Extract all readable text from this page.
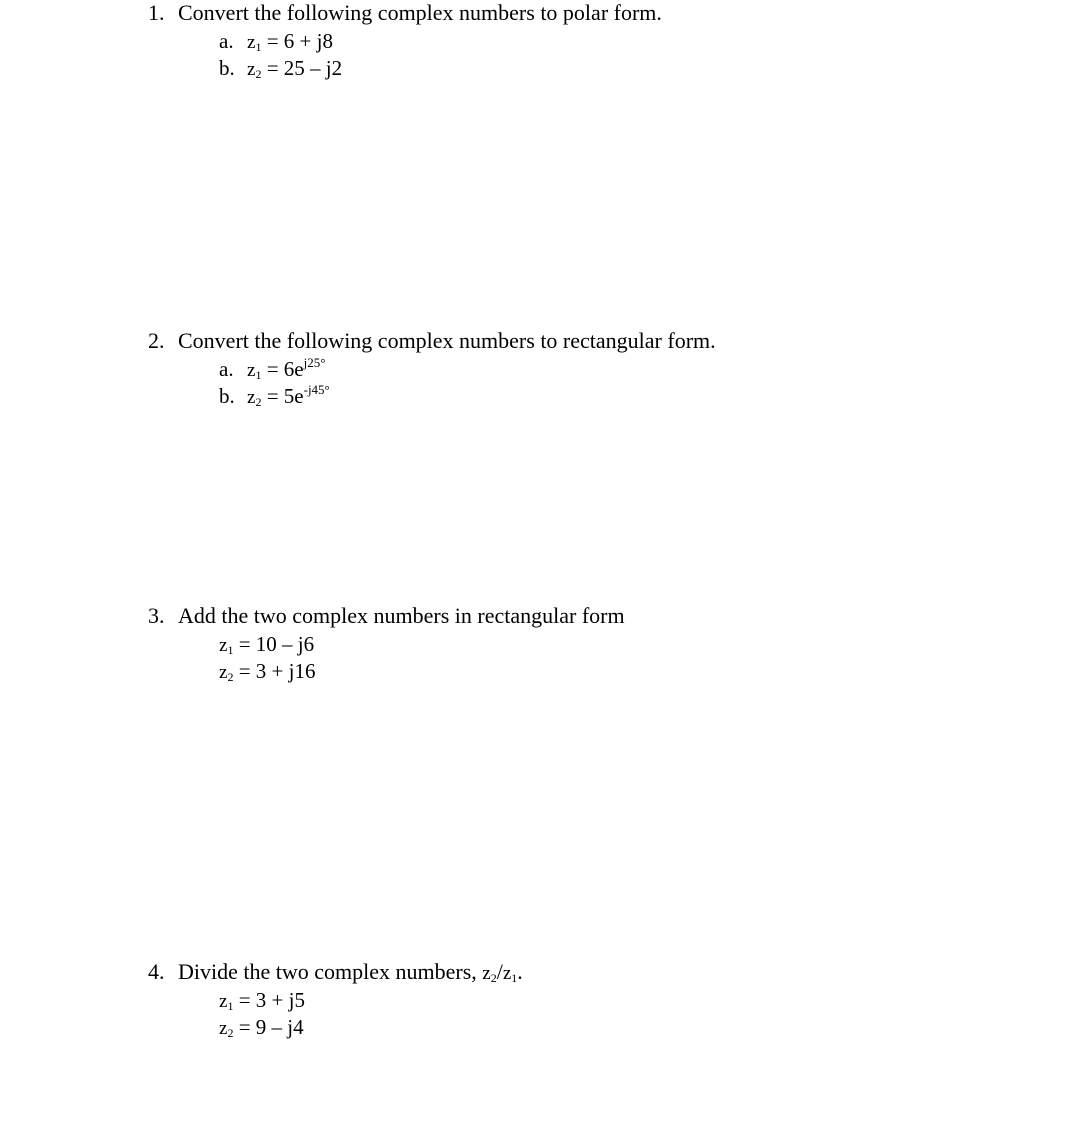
1. Convert the following complex numbers to polar form.
a. $z_1 = 6 + j8$
b. $z_2 = 25 - j2$
2. Convert the following complex numbers to rectangular form.
a. $z_1 = 6e^{j25^\circ}$
b. $z_2 = 5e^{-j45^\circ}$
3. Add the two complex numbers in rectangular form
$z_1 = 10 - j6$
$z_2 = 3 + j16$
4. Divide the two complex numbers, $z_2/z_1$.
$z_1 = 3 + j5$
$z_2 = 9 - j4$
